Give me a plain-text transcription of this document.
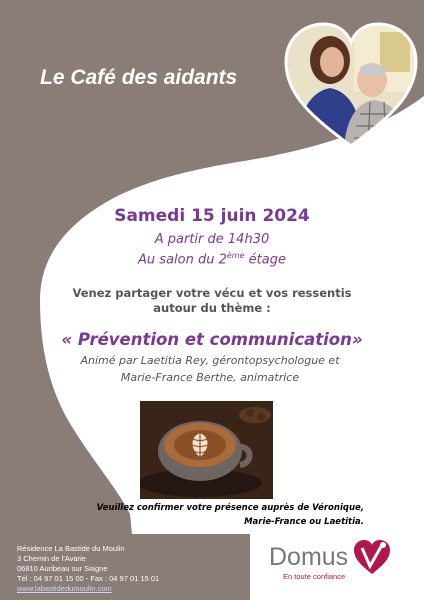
Le Café des aidants
Samedi 15 juin 2024
A partir de 14h30
Au salon du 2ème étage
Venez partager votre vécu et vos ressentis autour du thème :
« Prévention et communication»
Animé par Laetitia Rey, gérontopsychologue et
Marie-France Berthe, animatrice
Veuillez confirmer votre présence auprès de Véronique,
Marie-France ou Laetitia.
Résidence La Bastide du Moulin
3 Chemin de l'Avarie
06810 Auribeau sur Siagne
Tél : 04 97 01 15 00 - Fax : 04 97 01 15 01
www.labastidedumoulin.com
Domus
En toute confiance
